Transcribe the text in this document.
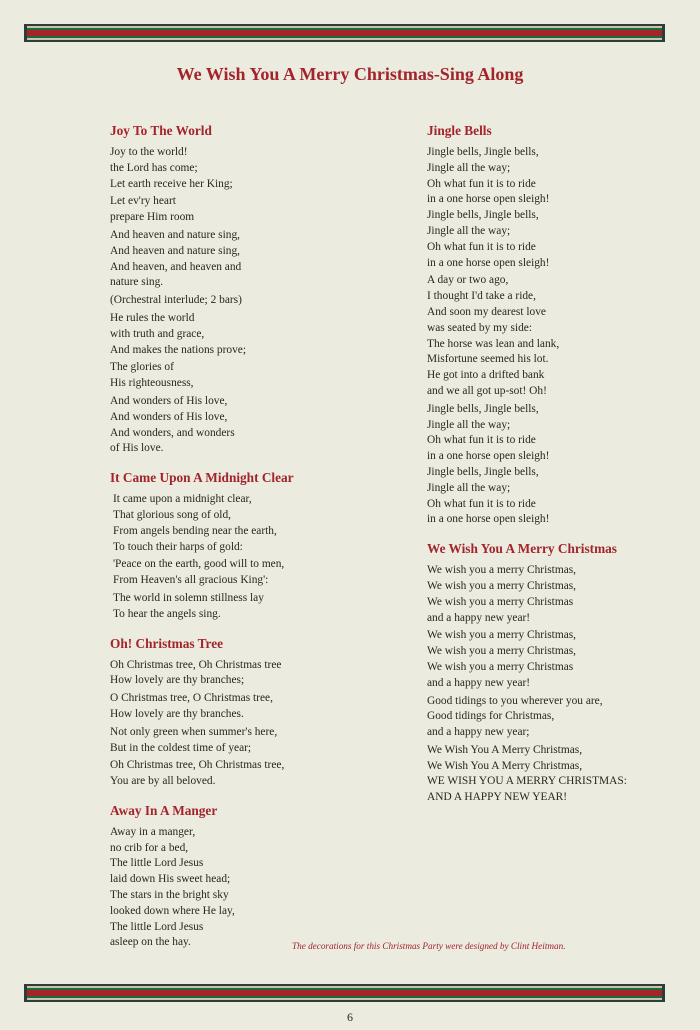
We Wish You A Merry Christmas-Sing Along
Joy To The World
Joy to the world!
the Lord has come;
Let earth receive her King;
Let ev'ry heart
prepare Him room
And heaven and nature sing,
And heaven and nature sing,
And heaven, and heaven and
nature sing.
(Orchestral interlude; 2 bars)
He rules the world
with truth and grace,
And makes the nations prove;
The glories of
His righteousness,
And wonders of His love,
And wonders of His love,
And wonders, and wonders
of His love.
It Came Upon A Midnight Clear
It came upon a midnight clear,
That glorious song of old,
From angels bending near the earth,
To touch their harps of gold:
'Peace on the earth, good will to men,
From Heaven's all gracious King':
The world in solemn stillness lay
To hear the angels sing.
Oh! Christmas Tree
Oh Christmas tree, Oh Christmas tree
How lovely are thy branches;
O Christmas tree, O Christmas tree,
How lovely are thy branches.
Not only green when summer's here,
But in the coldest time of year;
Oh Christmas tree, Oh Christmas tree,
You are by all beloved.
Away In A Manger
Away in a manger,
no crib for a bed,
The little Lord Jesus
laid down His sweet head;
The stars in the bright sky
looked down where He lay,
The little Lord Jesus
asleep on the hay.
Jingle Bells
Jingle bells, Jingle bells,
Jingle all the way;
Oh what fun it is to ride
in a one horse open sleigh!
Jingle bells, Jingle bells,
Jingle all the way;
Oh what fun it is to ride
in a one horse open sleigh!
A day or two ago,
I thought I'd take a ride,
And soon my dearest love
was seated by my side:
The horse was lean and lank,
Misfortune seemed his lot.
He got into a drifted bank
and we all got up-sot! Oh!
Jingle bells, Jingle bells,
Jingle all the way;
Oh what fun it is to ride
in a one horse open sleigh!
Jingle bells, Jingle bells,
Jingle all the way;
Oh what fun it is to ride
in a one horse open sleigh!
We Wish You A Merry Christmas
We wish you a merry Christmas,
We wish you a merry Christmas,
We wish you a merry Christmas
and a happy new year!
We wish you a merry Christmas,
We wish you a merry Christmas,
We wish you a merry Christmas
and a happy new year!
Good tidings to you wherever you are,
Good tidings for Christmas,
and a happy new year;
We Wish You A Merry Christmas,
We Wish You A Merry Christmas,
WE WISH YOU A MERRY CHRISTMAS:
AND A HAPPY NEW YEAR!
The decorations for this Christmas Party were designed by Clint Heitman.
6
